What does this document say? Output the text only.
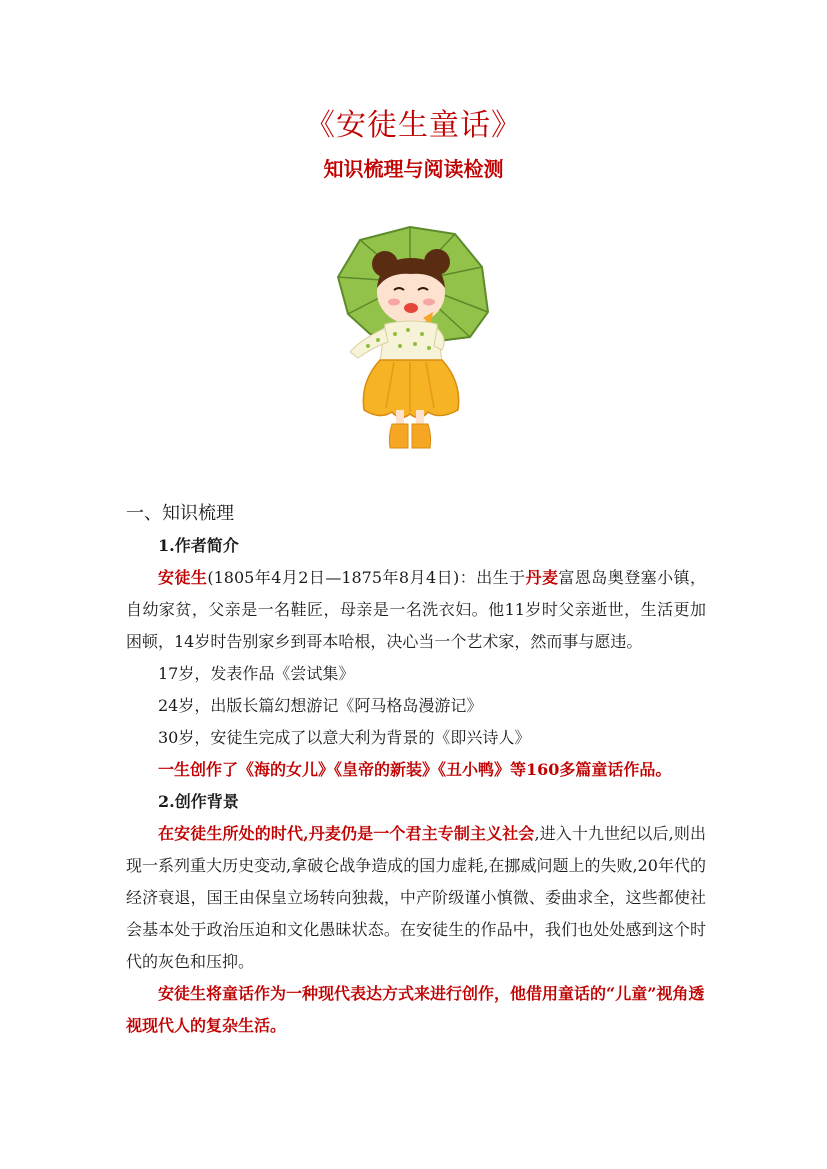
《安徒生童话》
知识梳理与阅读检测

一、知识梳理

1.作者简介

安徒生(1805年4月2日—1875年8月4日)：出生于丹麦富恩岛奥登塞小镇，自幼家贫，父亲是一名鞋匠，母亲是一名洗衣妇。他11岁时父亲逝世，生活更加困顿，14岁时告别家乡到哥本哈根，决心当一个艺术家，然而事与愿违。

17岁，发表作品《尝试集》

24岁，出版长篇幻想游记《阿马格岛漫游记》

30岁，安徒生完成了以意大利为背景的《即兴诗人》

一生创作了《海的女儿》《皇帝的新装》《丑小鸭》等160多篇童话作品。

2.创作背景

在安徒生所处的时代,丹麦仍是一个君主专制主义社会,进入十九世纪以后,则出现一系列重大历史变动,拿破仑战争造成的国力虚耗,在挪威问题上的失败,20年代的经济衰退，国王由保皇立场转向独裁，中产阶级谨小慎微、委曲求全，这些都使社会基本处于政治压迫和文化愚昧状态。在安徒生的作品中，我们也处处感到这个时代的灰色和压抑。

安徒生将童话作为一种现代表达方式来进行创作，他借用童话的“儿童”视角透视现代人的复杂生活。
